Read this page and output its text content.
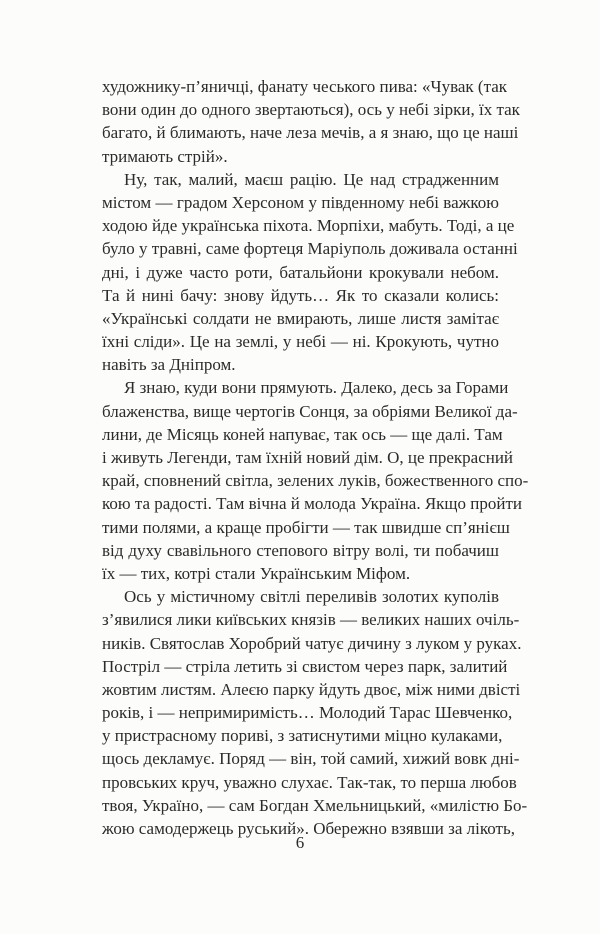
художнику-п’яничці, фанату чеського пива: «Чувак (так
вони один до одного звертаються), ось у небі зірки, їх так
багато, й блимають, наче леза мечів, а я знаю, що це наші
тримають стрій».
Ну, так, малий, маєш рацію. Це над страдженним
містом — градом Херсоном у південному небі важкою
ходою йде українська піхота. Морпіхи, мабуть. Тоді, а це
було у травні, саме фортеця Маріуполь доживала останні
дні, і дуже часто роти, батальйони крокували небом.
Та й нині бачу: знову йдуть… Як то сказали колись:
«Українські солдати не вмирають, лише листя замітає
їхні сліди». Це на землі, у небі — ні. Крокують, чутно
навіть за Дніпром.
Я знаю, куди вони прямують. Далеко, десь за Горами
блаженства, вище чертогів Сонця, за обріями Великої да-
лини, де Місяць коней напуває, так ось — ще далі. Там
і живуть Легенди, там їхній новий дім. О, це прекрасний
край, сповнений світла, зелених луків, божественного спо-
кою та радості. Там вічна й молода Україна. Якщо пройти
тими полями, а краще пробігти — так швидше сп’янієш
від духу свавільного степового вітру волі, ти побачиш
їх — тих, котрі стали Українським Міфом.
Ось у містичному світлі переливів золотих куполів
з’явилися лики київських князів — великих наших очіль-
ників. Святослав Хоробрий чатує дичину з луком у руках.
Постріл — стріла летить зі свистом через парк, залитий
жовтим листям. Алеєю парку йдуть двоє, між ними двісті
років, і — непримиримість… Молодий Тарас Шевченко,
у пристрасному пориві, з затиснутими міцно кулаками,
щось декламує. Поряд — він, той самий, хижий вовк дні-
провських круч, уважно слухає. Так-так, то перша любов
твоя, Україно, — сам Богдан Хмельницький, «милістю Бо-
жою самодержець руський». Обережно взявши за лікоть,
6
